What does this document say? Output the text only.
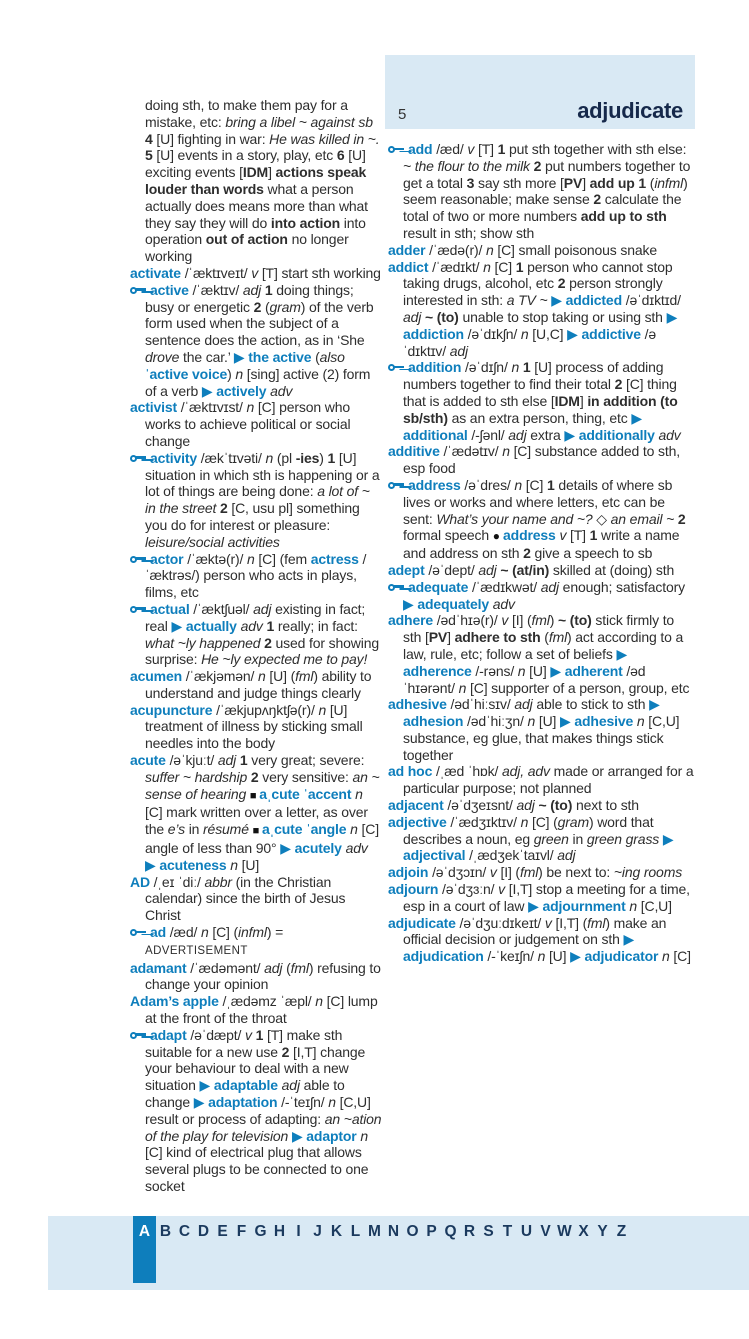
5	adjudicate

doing sth, to make them pay for a mistake, etc: bring a libel ~ against sb 4 [U] fighting in war: He was killed in ~. 5 [U] events in a story, play, etc 6 [U] exciting events [IDM] actions speak louder than words what a person actually does means more than what they say they will do into action into operation out of action no longer working

activate /ˈæktɪveɪt/ v [T] start sth working

active /ˈæktɪv/ adj 1 doing things; busy or energetic 2 (gram) of the verb form used when the subject of a sentence does the action, as in ‘She drove the car.’ ▶ the active (also ˈactive voice) n [sing] active (2) form of a verb ▶ actively adv

activist /ˈæktɪvɪst/ n [C] person who works to achieve political or social change

activity /ækˈtɪvəti/ n (pl -ies) 1 [U] situation in which sth is happening or a lot of things are being done: a lot of ~ in the street 2 [C, usu pl] something you do for interest or pleasure: leisure/social activities

actor /ˈæktə(r)/ n [C] (fem actress /ˈæktrəs/) person who acts in plays, films, etc

actual /ˈæktʃuəl/ adj existing in fact; real ▶ actually adv 1 really; in fact: what ~ly happened 2 used for showing surprise: He ~ly expected me to pay!

acumen /ˈækjəmən/ n [U] (fml) ability to understand and judge things clearly

acupuncture /ˈækjupʌŋktʃə(r)/ n [U] treatment of illness by sticking small needles into the body

acute /əˈkjuːt/ adj 1 very great; severe: suffer ~ hardship 2 very sensitive: an ~ sense of hearing ■ aˌcute ˈaccent n [C] mark written over a letter, as over the e’s in résumé ■ aˌcute ˈangle n [C] angle of less than 90° ▶ acutely adv ▶ acuteness n [U]

AD /ˌeɪ ˈdiː/ abbr (in the Christian calendar) since the birth of Jesus Christ

ad /æd/ n [C] (infml) = ADVERTISEMENT

adamant /ˈædəmənt/ adj (fml) refusing to change your opinion

Adam’s apple /ˌædəmz ˈæpl/ n [C] lump at the front of the throat

adapt /əˈdæpt/ v 1 [T] make sth suitable for a new use 2 [I,T] change your behaviour to deal with a new situation ▶ adaptable adj able to change ▶ adaptation /-ˈteɪʃn/ n [C,U] result or process of adapting: an ~ation of the play for television ▶ adaptor n [C] kind of electrical plug that allows several plugs to be connected to one socket

add /æd/ v [T] 1 put sth together with sth else: ~ the flour to the milk 2 put numbers together to get a total 3 say sth more [PV] add up 1 (infml) seem reasonable; make sense 2 calculate the total of two or more numbers add up to sth result in sth; show sth

adder /ˈædə(r)/ n [C] small poisonous snake

addict /ˈædɪkt/ n [C] 1 person who cannot stop taking drugs, alcohol, etc 2 person strongly interested in sth: a TV ~ ▶ addicted /əˈdɪktɪd/ adj ~ (to) unable to stop taking or using sth ▶ addiction /əˈdɪkʃn/ n [U,C] ▶ addictive /əˈdɪktɪv/ adj

addition /əˈdɪʃn/ n 1 [U] process of adding numbers together to find their total 2 [C] thing that is added to sth else [IDM] in addition (to sb/sth) as an extra person, thing, etc ▶ additional /-ʃənl/ adj extra ▶ additionally adv

additive /ˈædətɪv/ n [C] substance added to sth, esp food

address /əˈdres/ n [C] 1 details of where sb lives or works and where letters, etc can be sent: What’s your name and ~? ◇ an email ~ 2 formal speech ● address v [T] 1 write a name and address on sth 2 give a speech to sb

adept /əˈdept/ adj ~ (at/in) skilled at (doing) sth

adequate /ˈædɪkwət/ adj enough; satisfactory ▶ adequately adv

adhere /ədˈhɪə(r)/ v [I] (fml) ~ (to) stick firmly to sth [PV] adhere to sth (fml) act according to a law, rule, etc; follow a set of beliefs ▶ adherence /-rəns/ n [U] ▶ adherent /ədˈhɪərənt/ n [C] supporter of a person, group, etc

adhesive /ədˈhiːsɪv/ adj able to stick to sth ▶ adhesion /ədˈhiːʒn/ n [U] ▶ adhesive n [C,U] substance, eg glue, that makes things stick together

ad hoc /ˌæd ˈhɒk/ adj, adv made or arranged for a particular purpose; not planned

adjacent /əˈdʒeɪsnt/ adj ~ (to) next to sth

adjective /ˈædʒɪktɪv/ n [C] (gram) word that describes a noun, eg green in green grass ▶ adjectival /ˌædʒekˈtaɪvl/ adj

adjoin /əˈdʒɔɪn/ v [I] (fml) be next to: ~ing rooms

adjourn /əˈdʒɜːn/ v [I,T] stop a meeting for a time, esp in a court of law ▶ adjournment n [C,U]

adjudicate /əˈdʒuːdɪkeɪt/ v [I,T] (fml) make an official decision or judgement on sth ▶ adjudication /-ˈkeɪʃn/ n [U] ▶ adjudicator n [C]

A B C D E F G H I J K L M N O P Q R S T U V W X Y Z
